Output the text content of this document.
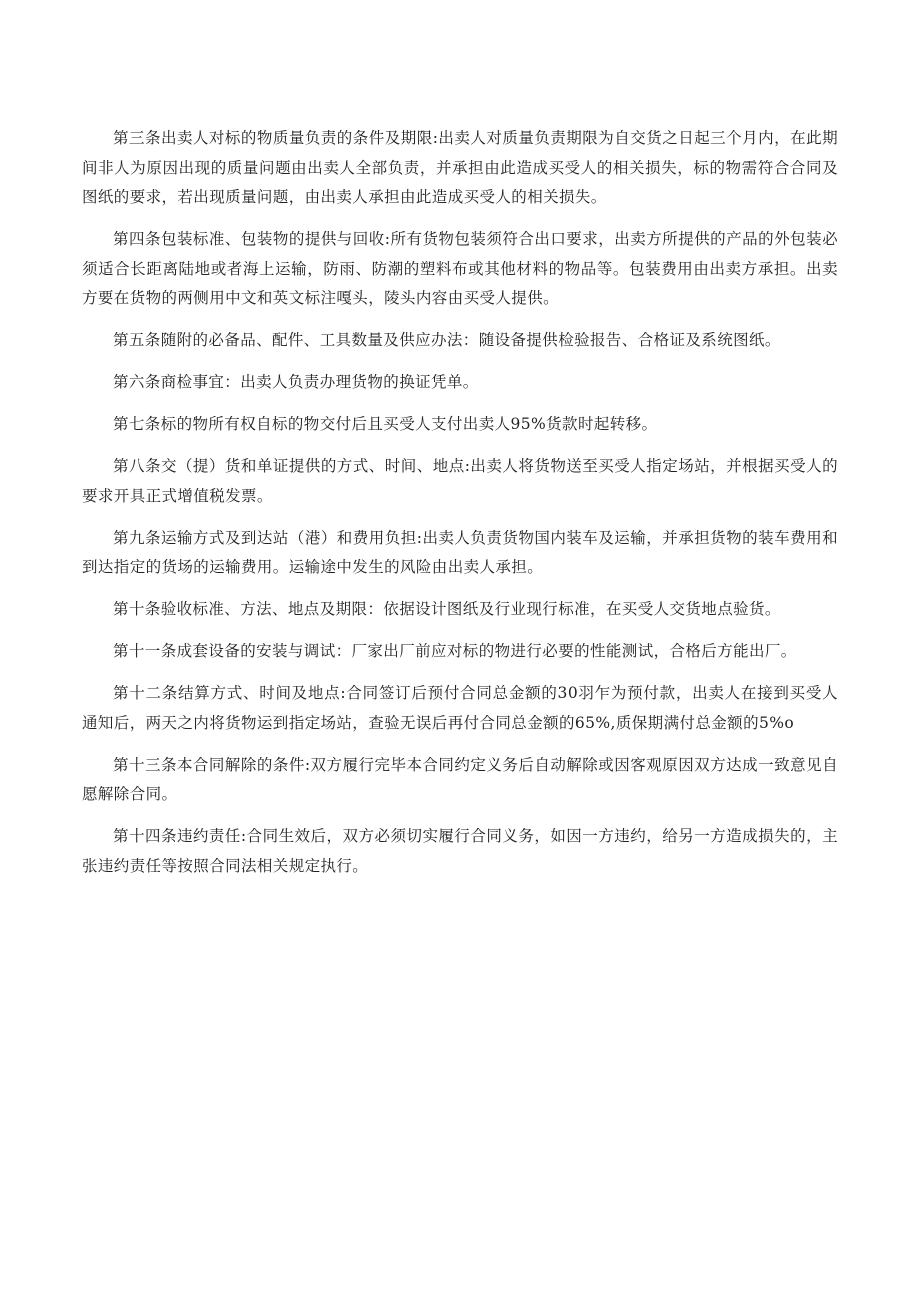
第三条出卖人对标的物质量负责的条件及期限:出卖人对质量负责期限为自交货之日起三个月内，在此期间非人为原因出现的质量问题由出卖人全部负责，并承担由此造成买受人的相关损失，标的物需符合合同及图纸的要求，若出现质量问题，由出卖人承担由此造成买受人的相关损失。

第四条包装标准、包装物的提供与回收:所有货物包装须符合出口要求，出卖方所提供的产品的外包装必须适合长距离陆地或者海上运输，防雨、防潮的塑料布或其他材料的物品等。包装费用由出卖方承担。出卖方要在货物的两侧用中文和英文标注嘎头，陵头内容由买受人提供。

第五条随附的必备品、配件、工具数量及供应办法：随设备提供检验报告、合格证及系统图纸。

第六条商检事宜：出卖人负责办理货物的换证凭单。

第七条标的物所有权自标的物交付后且买受人支付出卖人95%货款时起转移。

第八条交（提）货和单证提供的方式、时间、地点:出卖人将货物送至买受人指定场站，并根据买受人的要求开具正式增值税发票。

第九条运输方式及到达站（港）和费用负担:出卖人负责货物国内装车及运输，并承担货物的装车费用和到达指定的货场的运输费用。运输途中发生的风险由出卖人承担。

第十条验收标准、方法、地点及期限：依据设计图纸及行业现行标准，在买受人交货地点验货。

第十一条成套设备的安装与调试：厂家出厂前应对标的物进行必要的性能测试，合格后方能出厂。

第十二条结算方式、时间及地点:合同签订后预付合同总金额的30羽乍为预付款，出卖人在接到买受人通知后，两天之内将货物运到指定场站，查验无误后再付合同总金额的65%,质保期满付总金额的5%o

第十三条本合同解除的条件:双方履行完毕本合同约定义务后自动解除或因客观原因双方达成一致意见自愿解除合同。

第十四条违约责任:合同生效后，双方必须切实履行合同义务，如因一方违约，给另一方造成损失的，主张违约责任等按照合同法相关规定执行。
